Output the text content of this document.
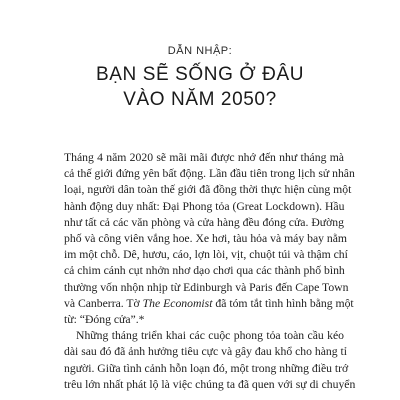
DẪN NHẬP:
BẠN SẼ SỐNG Ở ĐÂU
VÀO NĂM 2050?
Tháng 4 năm 2020 sẽ mãi mãi được nhớ đến như tháng mà
cả thế giới đứng yên bất động. Lần đầu tiên trong lịch sử nhân
loại, người dân toàn thế giới đã đồng thời thực hiện cùng một
hành động duy nhất: Đại Phong tỏa (Great Lockdown). Hầu
như tất cả các văn phòng và cửa hàng đều đóng cửa. Đường
phố và công viên vắng hoe. Xe hơi, tàu hỏa và máy bay nằm
im một chỗ. Dê, hươu, cáo, lợn lòi, vịt, chuột túi và thậm chí
cả chim cánh cụt nhởn nhơ dạo chơi qua các thành phố bình
thường vốn nhộn nhịp từ Edinburgh và Paris đến Cape Town
và Canberra. Tờ The Economist đã tóm tắt tình hình bằng một
từ: “Đóng cửa”.*
Những tháng triển khai các cuộc phong tỏa toàn cầu kéo
dài sau đó đã ảnh hưởng tiêu cực và gây đau khổ cho hàng tỉ
người. Giữa tình cảnh hỗn loạn đó, một trong những điều trớ
trêu lớn nhất phát lộ là việc chúng ta đã quen với sự di chuyển
